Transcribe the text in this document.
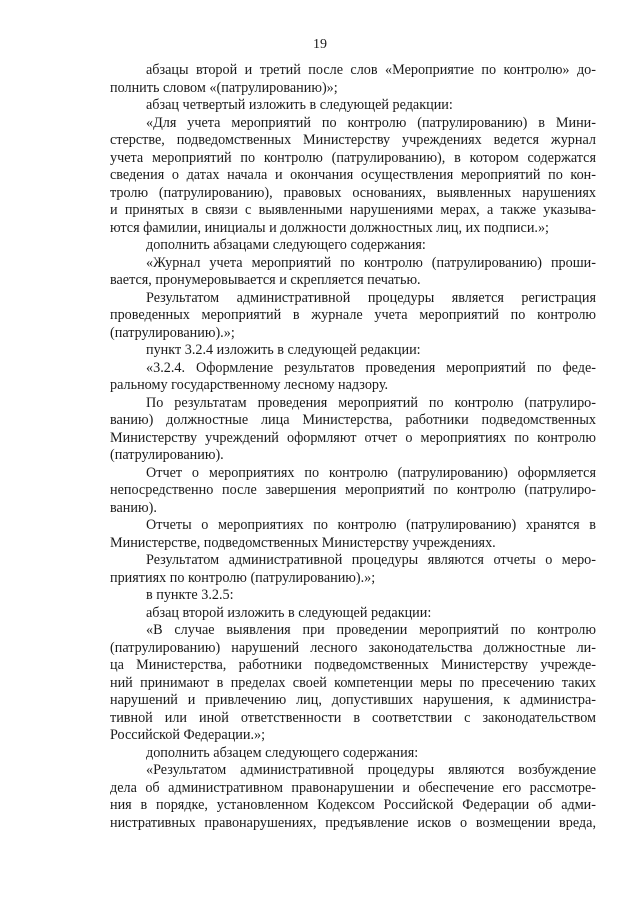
19
абзацы второй и третий после слов «Мероприятие по контролю» до-
полнить словом «(патрулированию)»;
абзац четвертый изложить в следующей редакции:
«Для учета мероприятий по контролю (патрулированию) в Мини-
стерстве, подведомственных Министерству учреждениях ведется журнал
учета мероприятий по контролю (патрулированию), в котором содержатся
сведения о датах начала и окончания осуществления мероприятий по кон-
тролю (патрулированию), правовых основаниях, выявленных нарушениях
и принятых в связи с выявленными нарушениями мерах, а также указыва-
ются фамилии, инициалы и должности должностных лиц, их подписи.»;
дополнить абзацами следующего содержания:
«Журнал учета мероприятий по контролю (патрулированию) проши-
вается, пронумеровывается и скрепляется печатью.
Результатом административной процедуры является регистрация
проведенных мероприятий в журнале учета мероприятий по контролю
(патрулированию).»;
пункт 3.2.4 изложить в следующей редакции:
«3.2.4. Оформление результатов проведения мероприятий по феде-
ральному государственному лесному надзору.
По результатам проведения мероприятий по контролю (патрулиро-
ванию) должностные лица Министерства, работники подведомственных
Министерству учреждений оформляют отчет о мероприятиях по контролю
(патрулированию).
Отчет о мероприятиях по контролю (патрулированию) оформляется
непосредственно после завершения мероприятий по контролю (патрулиро-
ванию).
Отчеты о мероприятиях по контролю (патрулированию) хранятся в
Министерстве, подведомственных Министерству учреждениях.
Результатом административной процедуры являются отчеты о меро-
приятиях по контролю (патрулированию).»;
в пункте 3.2.5:
абзац второй изложить в следующей редакции:
«В случае выявления при проведении мероприятий по контролю
(патрулированию) нарушений лесного законодательства должностные ли-
ца Министерства, работники подведомственных Министерству учрежде-
ний принимают в пределах своей компетенции меры по пресечению таких
нарушений и привлечению лиц, допустивших нарушения, к администра-
тивной или иной ответственности в соответствии с законодательством
Российской Федерации.»;
дополнить абзацем следующего содержания:
«Результатом административной процедуры являются возбуждение
дела об административном правонарушении и обеспечение его рассмотре-
ния в порядке, установленном Кодексом Российской Федерации об адми-
нистративных правонарушениях, предъявление исков о возмещении вреда,
